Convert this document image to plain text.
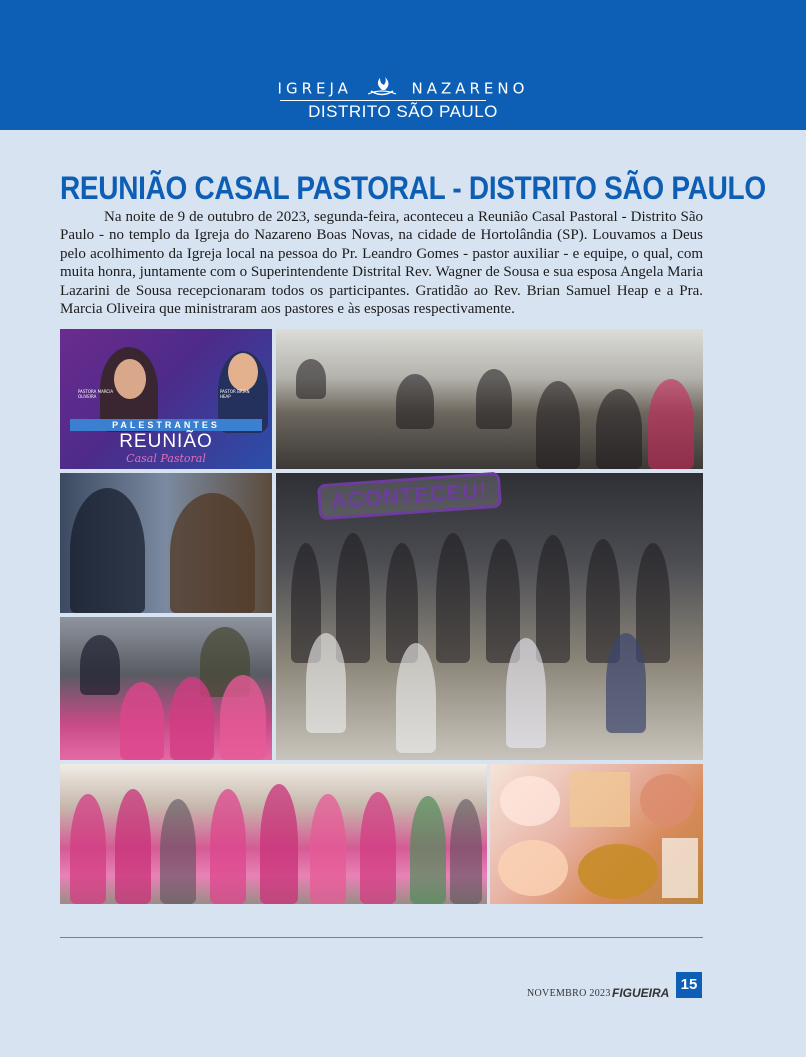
IGREJA	NAZARENO
DISTRITO SÃO PAULO
REUNIÃO CASAL PASTORAL - DISTRITO SÃO PAULO

Na noite de 9 de outubro de 2023, segunda-feira, aconteceu a Reunião Casal Pastoral - Distrito São Paulo - no templo da Igreja do Nazareno Boas Novas, na cidade de Hortolândia (SP). Louvamos a Deus pelo acolhimento da Igreja local na pessoa do Pr. Leandro Gomes - pastor auxiliar - e equipe, o qual, com muita honra, juntamente com o Superintendente Distrital Rev. Wagner de Sousa e sua esposa Angela Maria Lazarini de Sousa recepcionaram todos os participantes. Gratidão ao Rev. Brian Samuel Heap e a Pra. Marcia Oliveira que ministraram aos pastores e às esposas respectivamente.

PASTORA MARCIA OLIVEIRA
PASTOR BRIAN HEAP
PALESTRANTES
REUNIÃO
Casal Pastoral
ACONTECEU!
NOVEMBRO 2023 FIGUEIRA 15
